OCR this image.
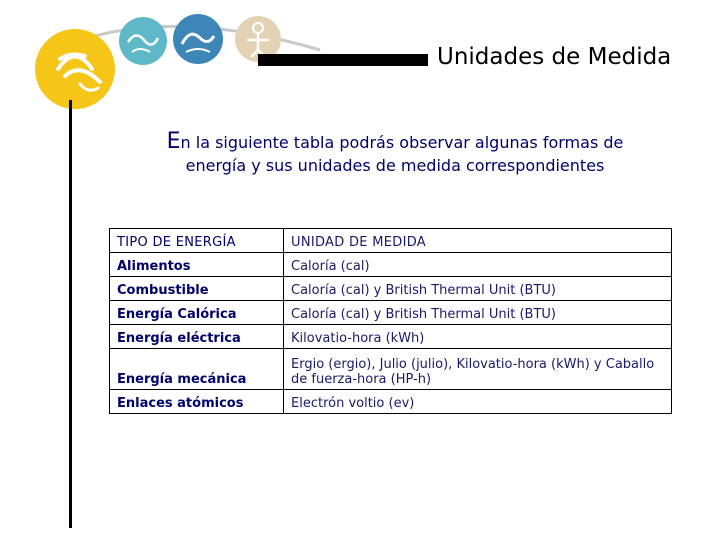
Unidades de Medida
En la siguiente tabla podrás observar algunas formas de
energía y sus unidades de medida correspondientes
TIPO DE ENERGÍA	UNIDAD DE MEDIDA
Alimentos	Caloría (cal)
Combustible	Caloría (cal) y British Thermal Unit (BTU)
Energía Calórica	Caloría (cal) y British Thermal Unit (BTU)
Energía eléctrica	Kilovatio-hora (kWh)
Energía mecánica	Ergio (ergio), Julio (julio), Kilovatio-hora (kWh) y Caballo de fuerza-hora (HP-h)
Enlaces atómicos	Electrón voltio (ev)
